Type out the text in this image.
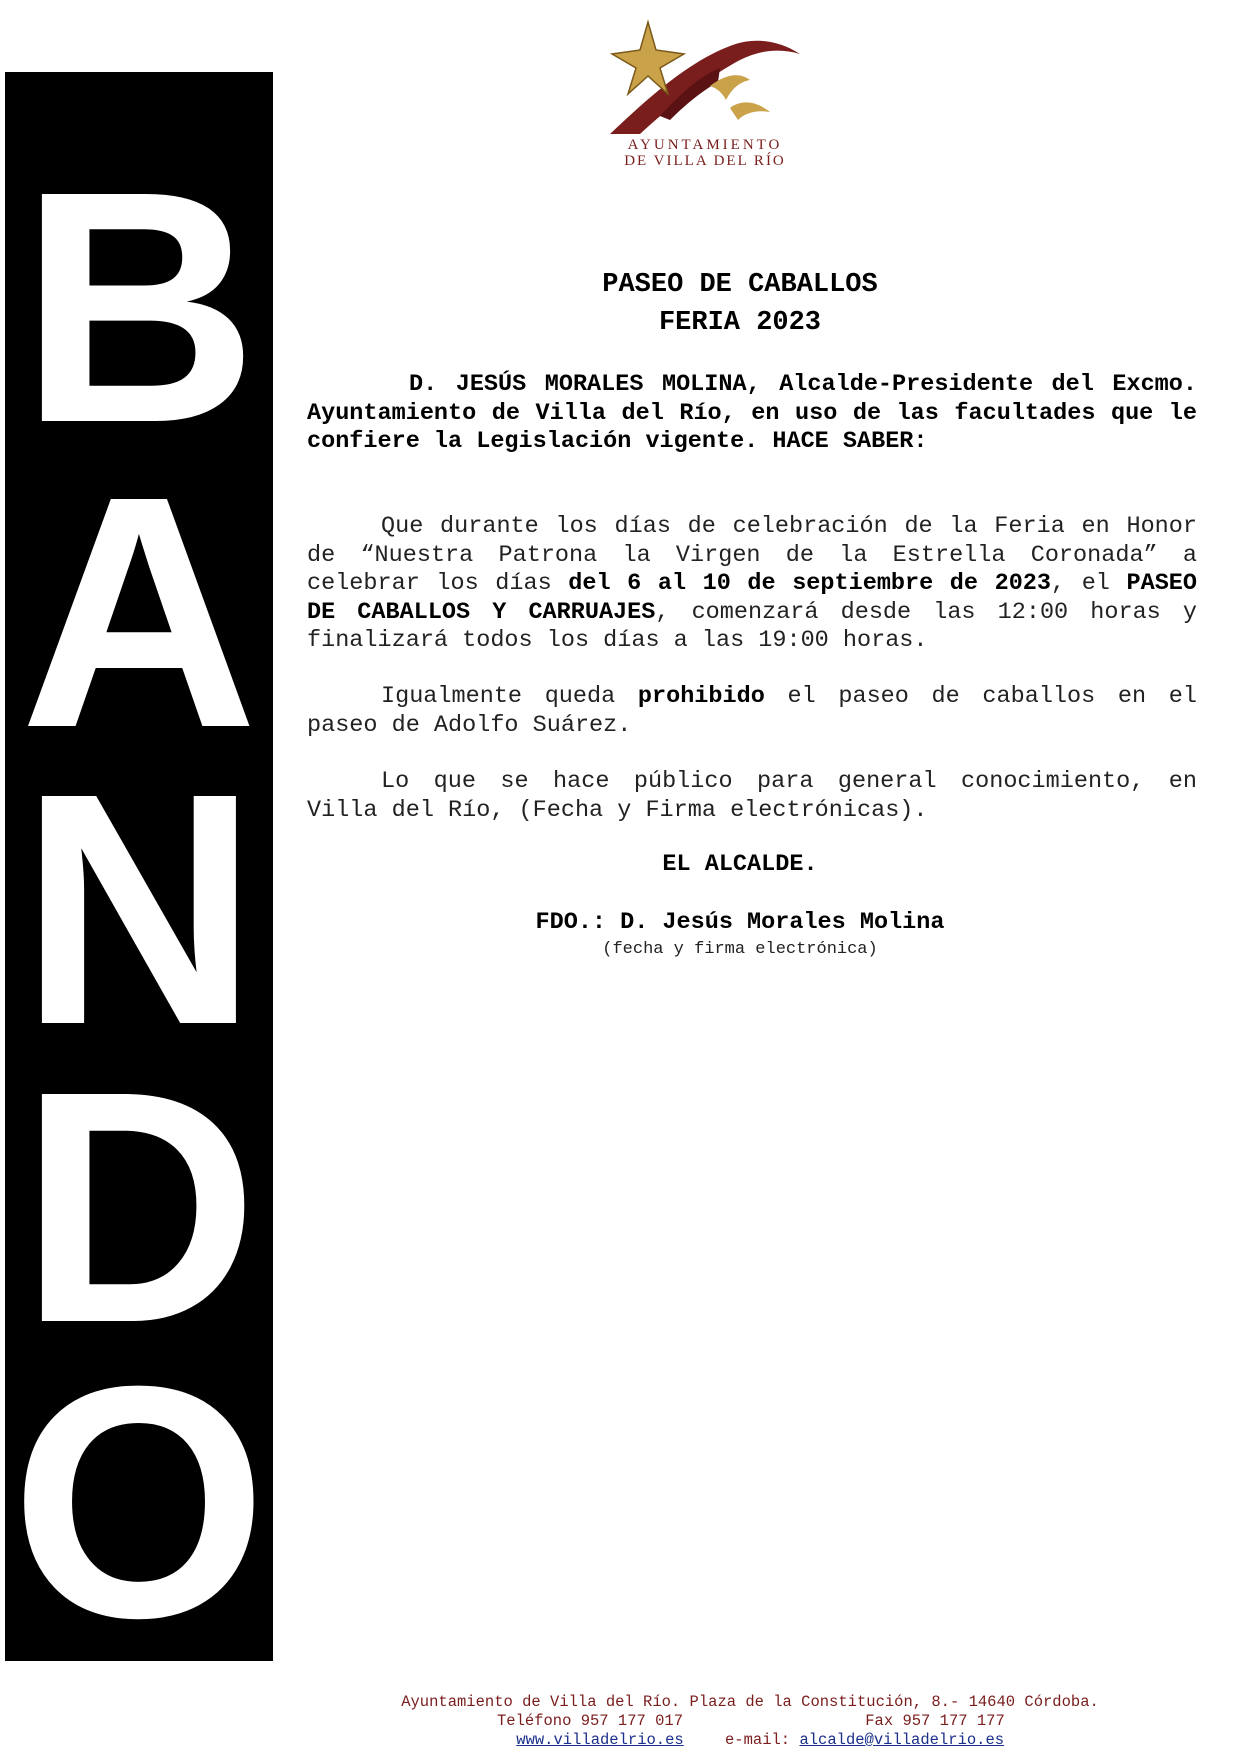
B
A
N
D
O
AYUNTAMIENTO
DE VILLA DEL RÍO
PASEO DE CABALLOS
FERIA 2023
D. JESÚS MORALES MOLINA, Alcalde-Presidente del Excmo. Ayuntamiento de Villa del Río, en uso de las facultades que le confiere la Legislación vigente. HACE SABER:
Que durante los días de celebración de la Feria en Honor de “Nuestra Patrona la Virgen de la Estrella Coronada” a celebrar los días del 6 al 10 de septiembre de 2023, el PASEO DE CABALLOS Y CARRUAJES, comenzará desde las 12:00 horas y finalizará todos los días a las 19:00 horas.
Igualmente queda prohibido el paseo de caballos en el paseo de Adolfo Suárez.
Lo que se hace público para general conocimiento, en Villa del Río, (Fecha y Firma electrónicas).
EL ALCALDE.
FDO.: D. Jesús Morales Molina
(fecha y firma electrónica)
Ayuntamiento de Villa del Río. Plaza de la Constitución, 8.- 14640 Córdoba.
Teléfono 957 177 017	Fax 957 177 177
www.villadelrio.es	e-mail: alcalde@villadelrio.es
